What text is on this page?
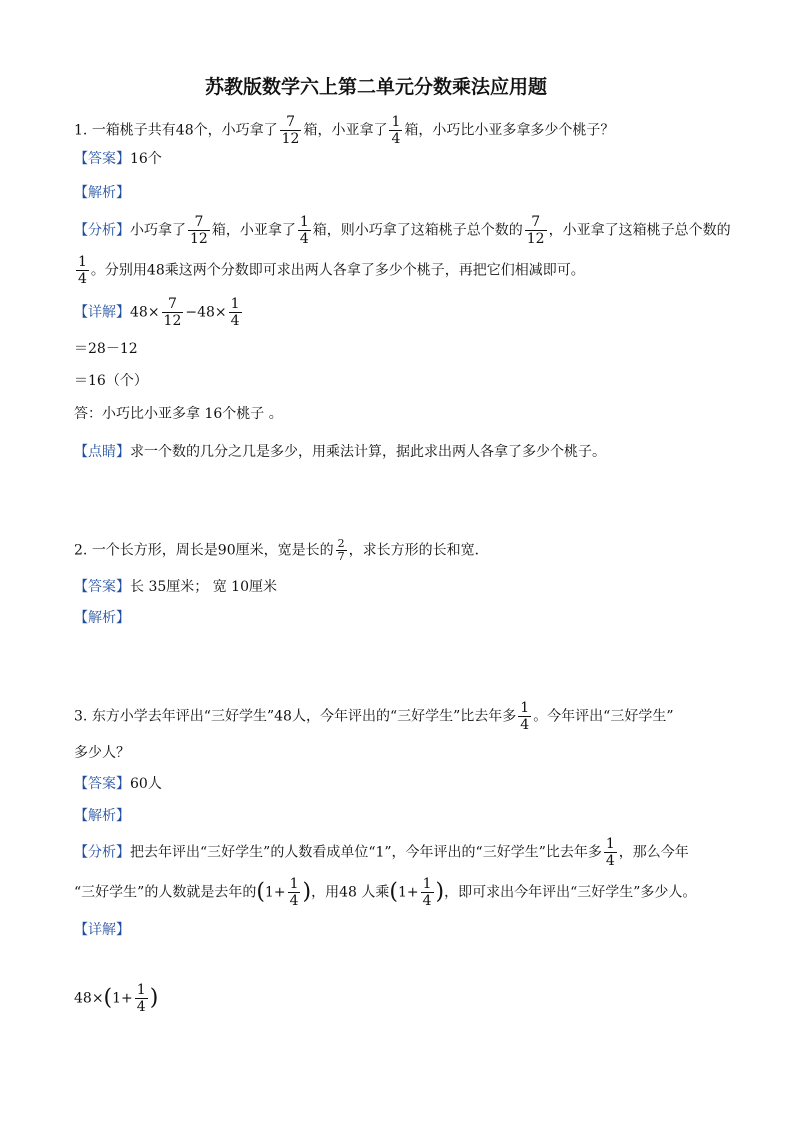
苏教版数学六上第二单元分数乘法应用题
1. 一箱桃子共有48个，小巧拿了 $\frac{7}{12}$ 箱，小亚拿了 $\frac{1}{4}$ 箱，小巧比小亚多拿多少个桃子？
【答案】16个
【解析】
【分析】小巧拿了 $\frac{7}{12}$ 箱，小亚拿了 $\frac{1}{4}$ 箱，则小巧拿了这箱桃子总个数的 $\frac{7}{12}$ ，小亚拿了这箱桃子总个数的
$\frac{1}{4}$ 。分别用48乘这两个分数即可求出两人各拿了多少个桃子，再把它们相减即可。
【详解】$48\times \frac{7}{12} -48\times \frac{1}{4}$
＝28－12
＝16（个）
答：小巧比小亚多拿 16个桃子 。
【点睛】求一个数的几分之几是多少，用乘法计算，据此求出两人各拿了多少个桃子。
2. 一个长方形，周长是90厘米，宽是长的 $\frac{2}{7}$ ，求长方形的长和宽．
【答案】长 35厘米； 宽 10厘米
【解析】
3. 东方小学去年评出“三好学生”48人，今年评出的“三好学生”比去年多 $\frac{1}{4}$ 。今年评出“三好学生”
多少人？
【答案】60人
【解析】
【分析】把去年评出“三好学生”的人数看成单位“1”，今年评出的“三好学生”比去年多 $\frac{1}{4}$ ，那么今年
“三好学生”的人数就是去年的($1+ \frac{1}{4}$ )，用48 人乘($1+ \frac{1}{4}$ )，即可求出今年评出“三好学生”多少人。
【详解】
$48\times(1+ \frac{1}{4}$ )
